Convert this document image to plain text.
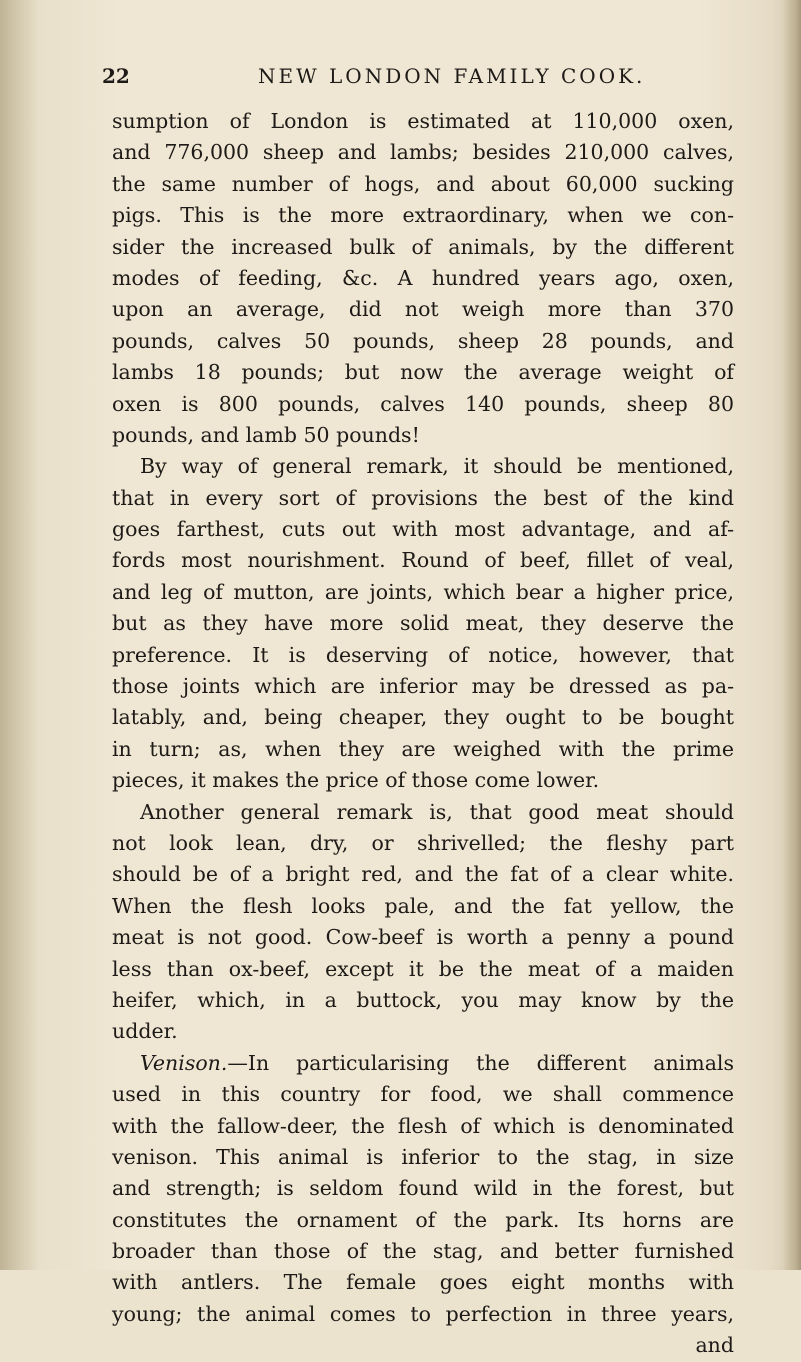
22	NEW LONDON FAMILY COOK.
sumption of London is estimated at 110,000 oxen,
and 776,000 sheep and lambs; besides 210,000 calves,
the same number of hogs, and about 60,000 sucking
pigs. This is the more extraordinary, when we con-
sider the increased bulk of animals, by the different
modes of feeding, &c. A hundred years ago, oxen,
upon an average, did not weigh more than 370
pounds, calves 50 pounds, sheep 28 pounds, and
lambs 18 pounds; but now the average weight of
oxen is 800 pounds, calves 140 pounds, sheep 80
pounds, and lamb 50 pounds!
By way of general remark, it should be mentioned,
that in every sort of provisions the best of the kind
goes farthest, cuts out with most advantage, and af-
fords most nourishment. Round of beef, fillet of veal,
and leg of mutton, are joints, which bear a higher price,
but as they have more solid meat, they deserve the
preference. It is deserving of notice, however, that
those joints which are inferior may be dressed as pa-
latably, and, being cheaper, they ought to be bought
in turn; as, when they are weighed with the prime
pieces, it makes the price of those come lower.
Another general remark is, that good meat should
not look lean, dry, or shrivelled; the fleshy part
should be of a bright red, and the fat of a clear white.
When the flesh looks pale, and the fat yellow, the
meat is not good. Cow-beef is worth a penny a pound
less than ox-beef, except it be the meat of a maiden
heifer, which, in a buttock, you may know by the
udder.
Venison.—In particularising the different animals
used in this country for food, we shall commence
with the fallow-deer, the flesh of which is denominated
venison. This animal is inferior to the stag, in size
and strength; is seldom found wild in the forest, but
constitutes the ornament of the park. Its horns are
broader than those of the stag, and better furnished
with antlers. The female goes eight months with
young; the animal comes to perfection in three years,
and
